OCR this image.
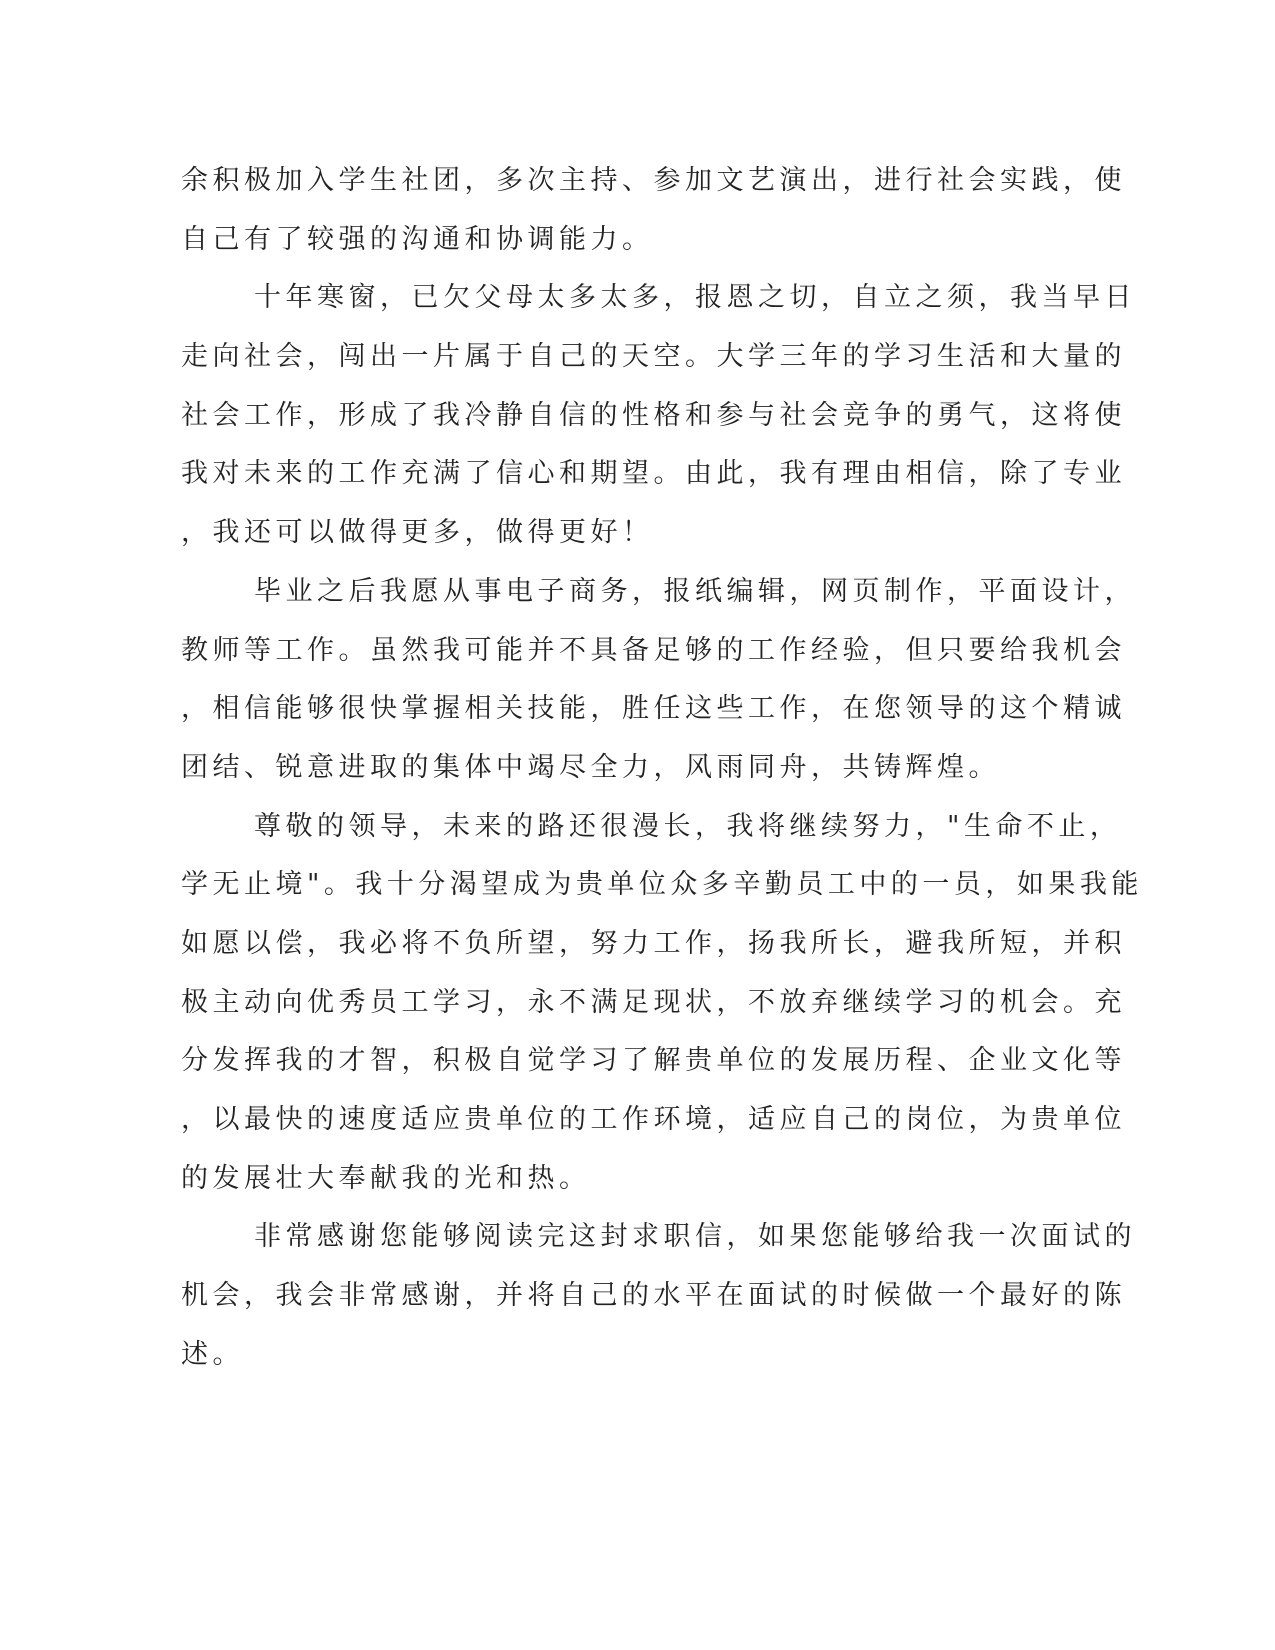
余积极加入学生社团，多次主持、参加文艺演出，进行社会实践，使
自己有了较强的沟通和协调能力。
十年寒窗，已欠父母太多太多，报恩之切，自立之须，我当早日
走向社会，闯出一片属于自己的天空。大学三年的学习生活和大量的
社会工作，形成了我冷静自信的性格和参与社会竞争的勇气，这将使
我对未来的工作充满了信心和期望。由此，我有理由相信，除了专业
，我还可以做得更多，做得更好！
毕业之后我愿从事电子商务，报纸编辑，网页制作，平面设计，
教师等工作。虽然我可能并不具备足够的工作经验，但只要给我机会
，相信能够很快掌握相关技能，胜任这些工作，在您领导的这个精诚
团结、锐意进取的集体中竭尽全力，风雨同舟，共铸辉煌。
尊敬的领导，未来的路还很漫长，我将继续努力，"生命不止，
学无止境"。我十分渴望成为贵单位众多辛勤员工中的一员，如果我能
如愿以偿，我必将不负所望，努力工作，扬我所长，避我所短，并积
极主动向优秀员工学习，永不满足现状，不放弃继续学习的机会。充
分发挥我的才智，积极自觉学习了解贵单位的发展历程、企业文化等
，以最快的速度适应贵单位的工作环境，适应自己的岗位，为贵单位
的发展壮大奉献我的光和热。
非常感谢您能够阅读完这封求职信，如果您能够给我一次面试的
机会，我会非常感谢，并将自己的水平在面试的时候做一个最好的陈
述。
